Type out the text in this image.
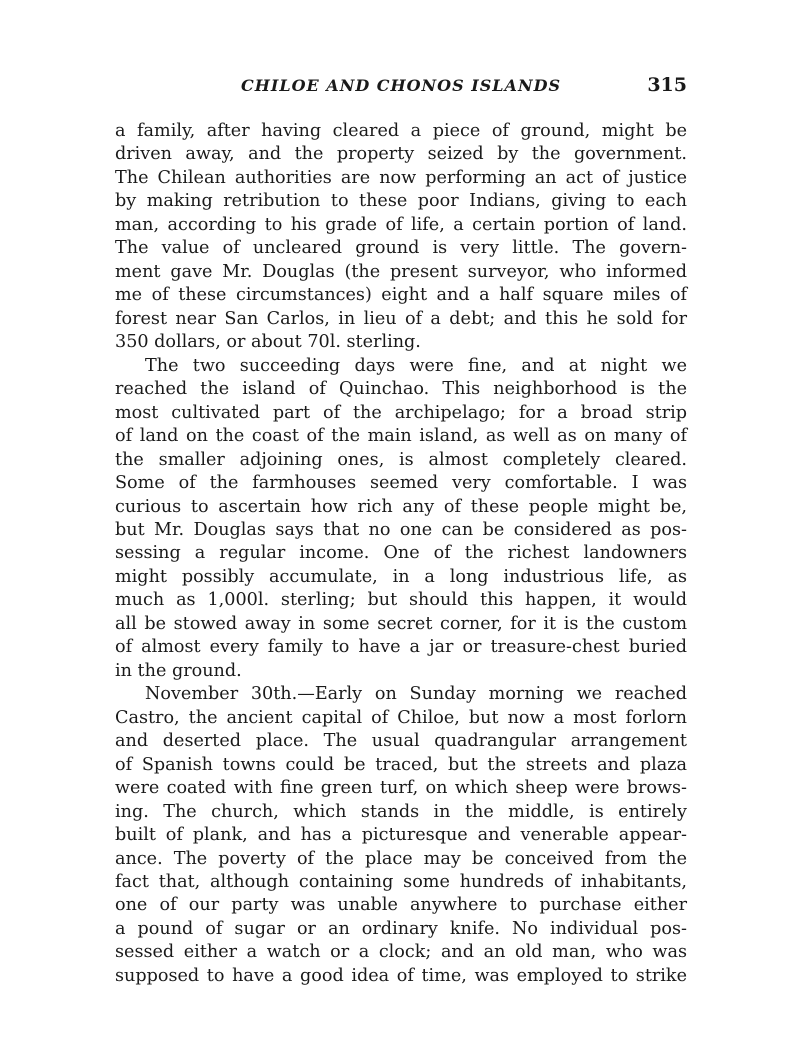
CHILOE AND CHONOS ISLANDS	315
a family, after having cleared a piece of ground, might be
driven away, and the property seized by the government.
The Chilean authorities are now performing an act of justice
by making retribution to these poor Indians, giving to each
man, according to his grade of life, a certain portion of land.
The value of uncleared ground is very little. The govern-
ment gave Mr. Douglas (the present surveyor, who informed
me of these circumstances) eight and a half square miles of
forest near San Carlos, in lieu of a debt; and this he sold for
350 dollars, or about 70l. sterling.
The two succeeding days were fine, and at night we
reached the island of Quinchao. This neighborhood is the
most cultivated part of the archipelago; for a broad strip
of land on the coast of the main island, as well as on many of
the smaller adjoining ones, is almost completely cleared.
Some of the farmhouses seemed very comfortable. I was
curious to ascertain how rich any of these people might be,
but Mr. Douglas says that no one can be considered as pos-
sessing a regular income. One of the richest landowners
might possibly accumulate, in a long industrious life, as
much as 1,000l. sterling; but should this happen, it would
all be stowed away in some secret corner, for it is the custom
of almost every family to have a jar or treasure-chest buried
in the ground.
November 30th.—Early on Sunday morning we reached
Castro, the ancient capital of Chiloe, but now a most forlorn
and deserted place. The usual quadrangular arrangement
of Spanish towns could be traced, but the streets and plaza
were coated with fine green turf, on which sheep were brows-
ing. The church, which stands in the middle, is entirely
built of plank, and has a picturesque and venerable appear-
ance. The poverty of the place may be conceived from the
fact that, although containing some hundreds of inhabitants,
one of our party was unable anywhere to purchase either
a pound of sugar or an ordinary knife. No individual pos-
sessed either a watch or a clock; and an old man, who was
supposed to have a good idea of time, was employed to strike
